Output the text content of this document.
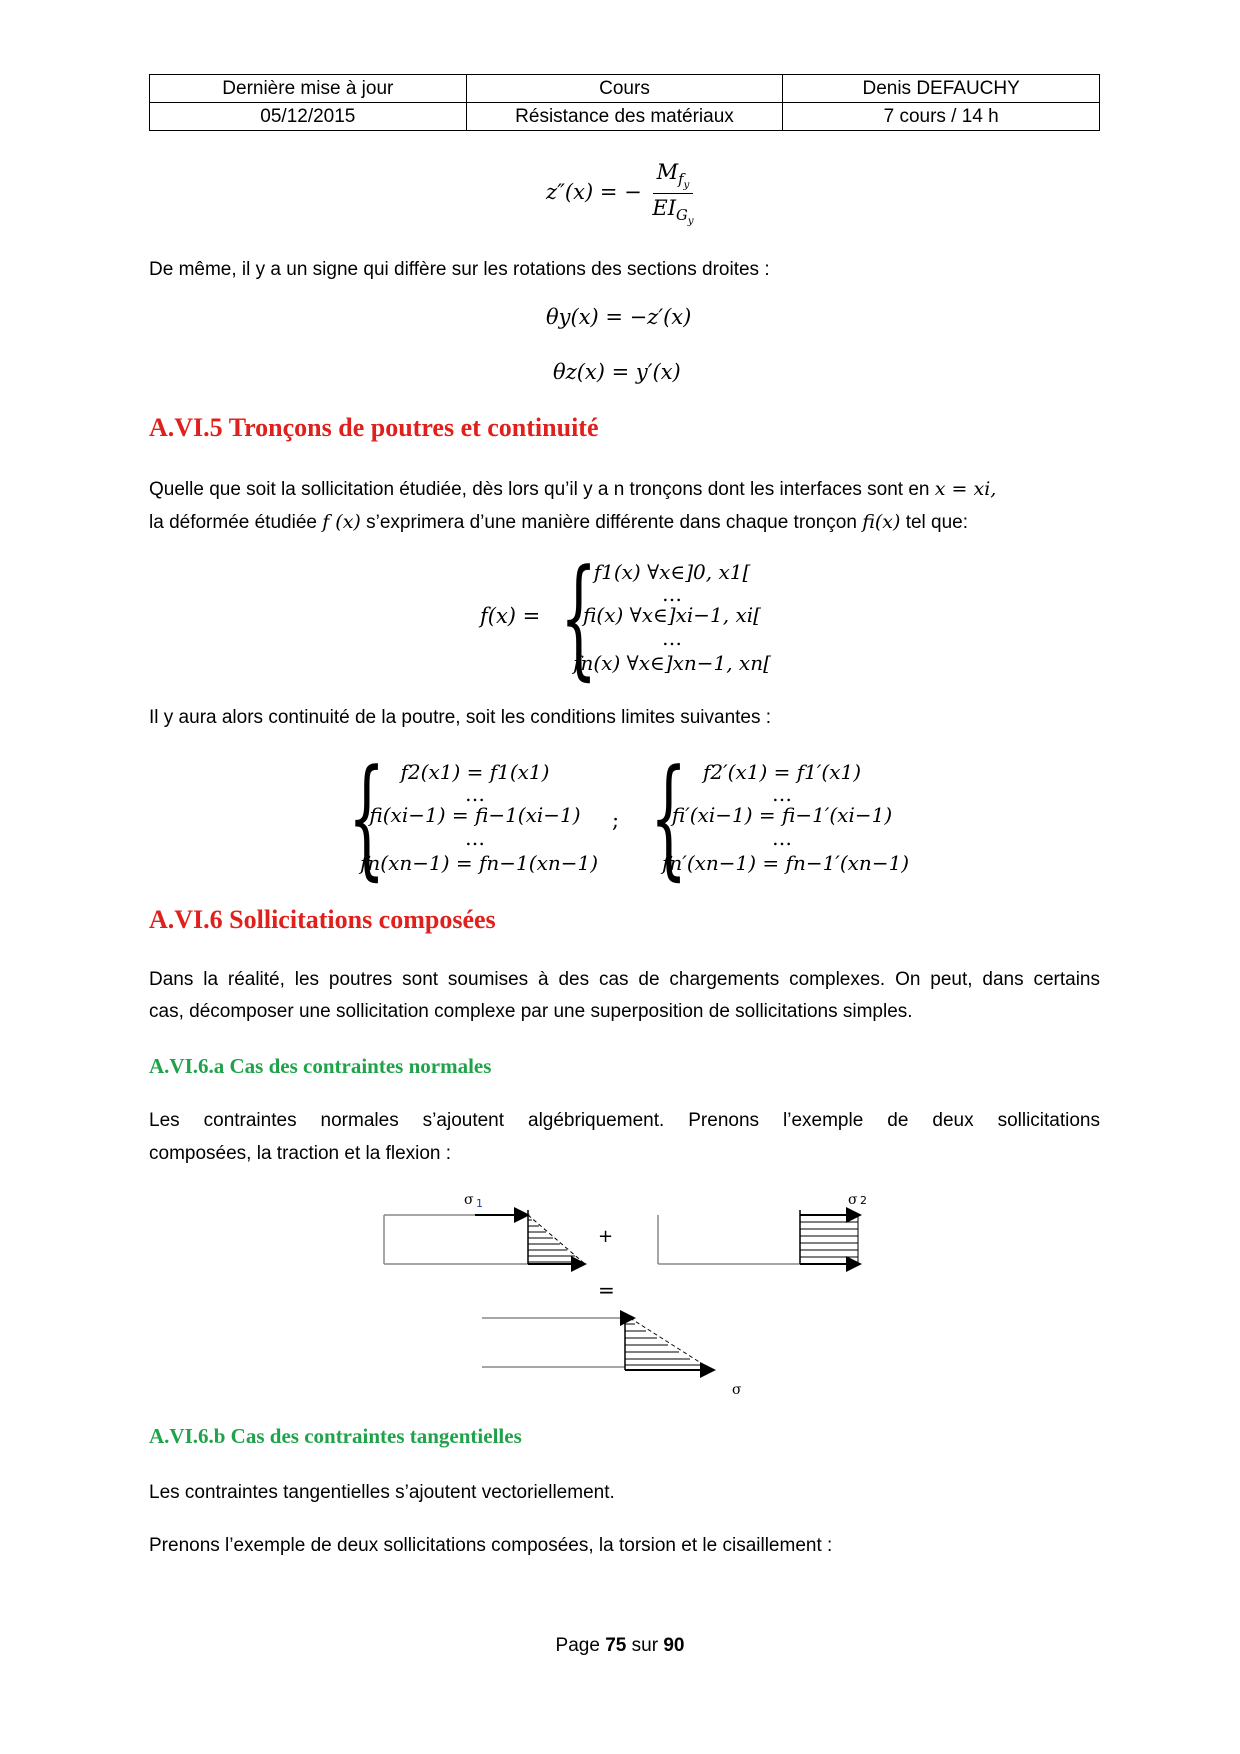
Dernière mise à jour	Cours	Denis DEFAUCHY
05/12/2015	Résistance des matériaux	7 cours / 14 h
z″(x) = − $\frac{M_{f_y}}{EI_{G_y}}$
De même, il y a un signe qui diffère sur les rotations des sections droites :
θy(x) = −z′(x)
θz(x) = y′(x)
A.VI.5 Tronçons de poutres et continuité
Quelle que soit la sollicitation étudiée, dès lors qu’il y a n tronçons dont les interfaces sont en x = xi,
la déformée étudiée f (x) s’exprimera d’une manière différente dans chaque tronçon fi(x) tel que:
f(x) = {
f1(x) ∀x∈]0, x1[
…
fi(x) ∀x∈]xi−1, xi[
…
fn(x) ∀x∈]xn−1, xn[
Il y aura alors continuité de la poutre, soit les conditions limites suivantes :
{ f2(x1) = f1(x1)
…
fi(xi−1) = fi−1(xi−1)
…
fn(xn−1) = fn−1(xn−1)
; { f2′(x1) = f1′(x1)
…
fi′(xi−1) = fi−1′(xi−1)
…
fn′(xn−1) = fn−1′(xn−1)
A.VI.6 Sollicitations composées
Dans la réalité, les poutres sont soumises à des cas de chargements complexes. On peut, dans certains
cas, décomposer une sollicitation complexe par une superposition de sollicitations simples.
A.VI.6.a Cas des contraintes normales
Les contraintes normales s’ajoutent algébriquement. Prenons l’exemple de deux sollicitations
composées, la traction et la flexion :
+
σ 1	σ 2
=
σ
A.VI.6.b Cas des contraintes tangentielles
Les contraintes tangentielles s’ajoutent vectoriellement.
Prenons l’exemple de deux sollicitations composées, la torsion et le cisaillement :
Page 75 sur 90
